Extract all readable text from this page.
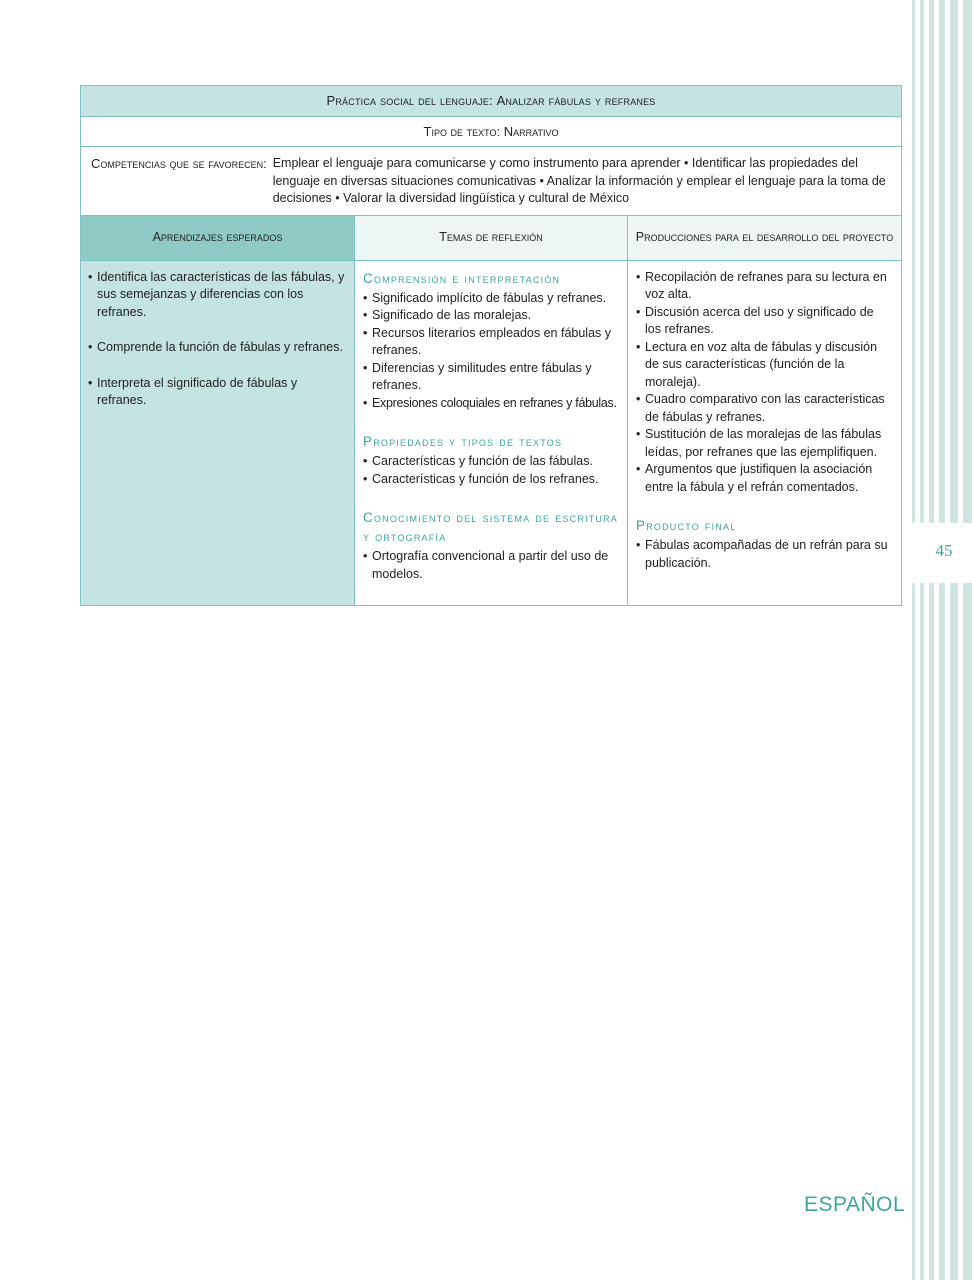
45
Práctica social del lenguaje: Analizar fábulas y refranes
Tipo de texto: Narrativo
Competencias que se favorecen: Emplear el lenguaje para comunicarse y como instrumento para aprender • Identificar las propiedades del lenguaje en diversas situaciones comunicativas • Analizar la información y emplear el lenguaje para la toma de decisiones • Valorar la diversidad lingüística y cultural de México
Aprendizajes esperados
• Identifica las características de las fábulas, y sus semejanzas y diferencias con los refranes.
• Comprende la función de fábulas y refranes.
• Interpreta el significado de fábulas y refranes.
Temas de reflexión
Comprensión e interpretación
• Significado implícito de fábulas y refranes.
• Significado de las moralejas.
• Recursos literarios empleados en fábulas y refranes.
• Diferencias y similitudes entre fábulas y refranes.
• Expresiones coloquiales en refranes y fábulas.
Propiedades y tipos de textos
• Características y función de las fábulas.
• Características y función de los refranes.
Conocimiento del sistema de escritura y ortografía
• Ortografía convencional a partir del uso de modelos.
Producciones para el desarrollo del proyecto
• Recopilación de refranes para su lectura en voz alta.
• Discusión acerca del uso y significado de los refranes.
• Lectura en voz alta de fábulas y discusión de sus características (función de la moraleja).
• Cuadro comparativo con las características de fábulas y refranes.
• Sustitución de las moralejas de las fábulas leídas, por refranes que las ejemplifiquen.
• Argumentos que justifiquen la asociación entre la fábula y el refrán comentados.
Producto final
• Fábulas acompañadas de un refrán para su publicación.
ESPAÑOL
